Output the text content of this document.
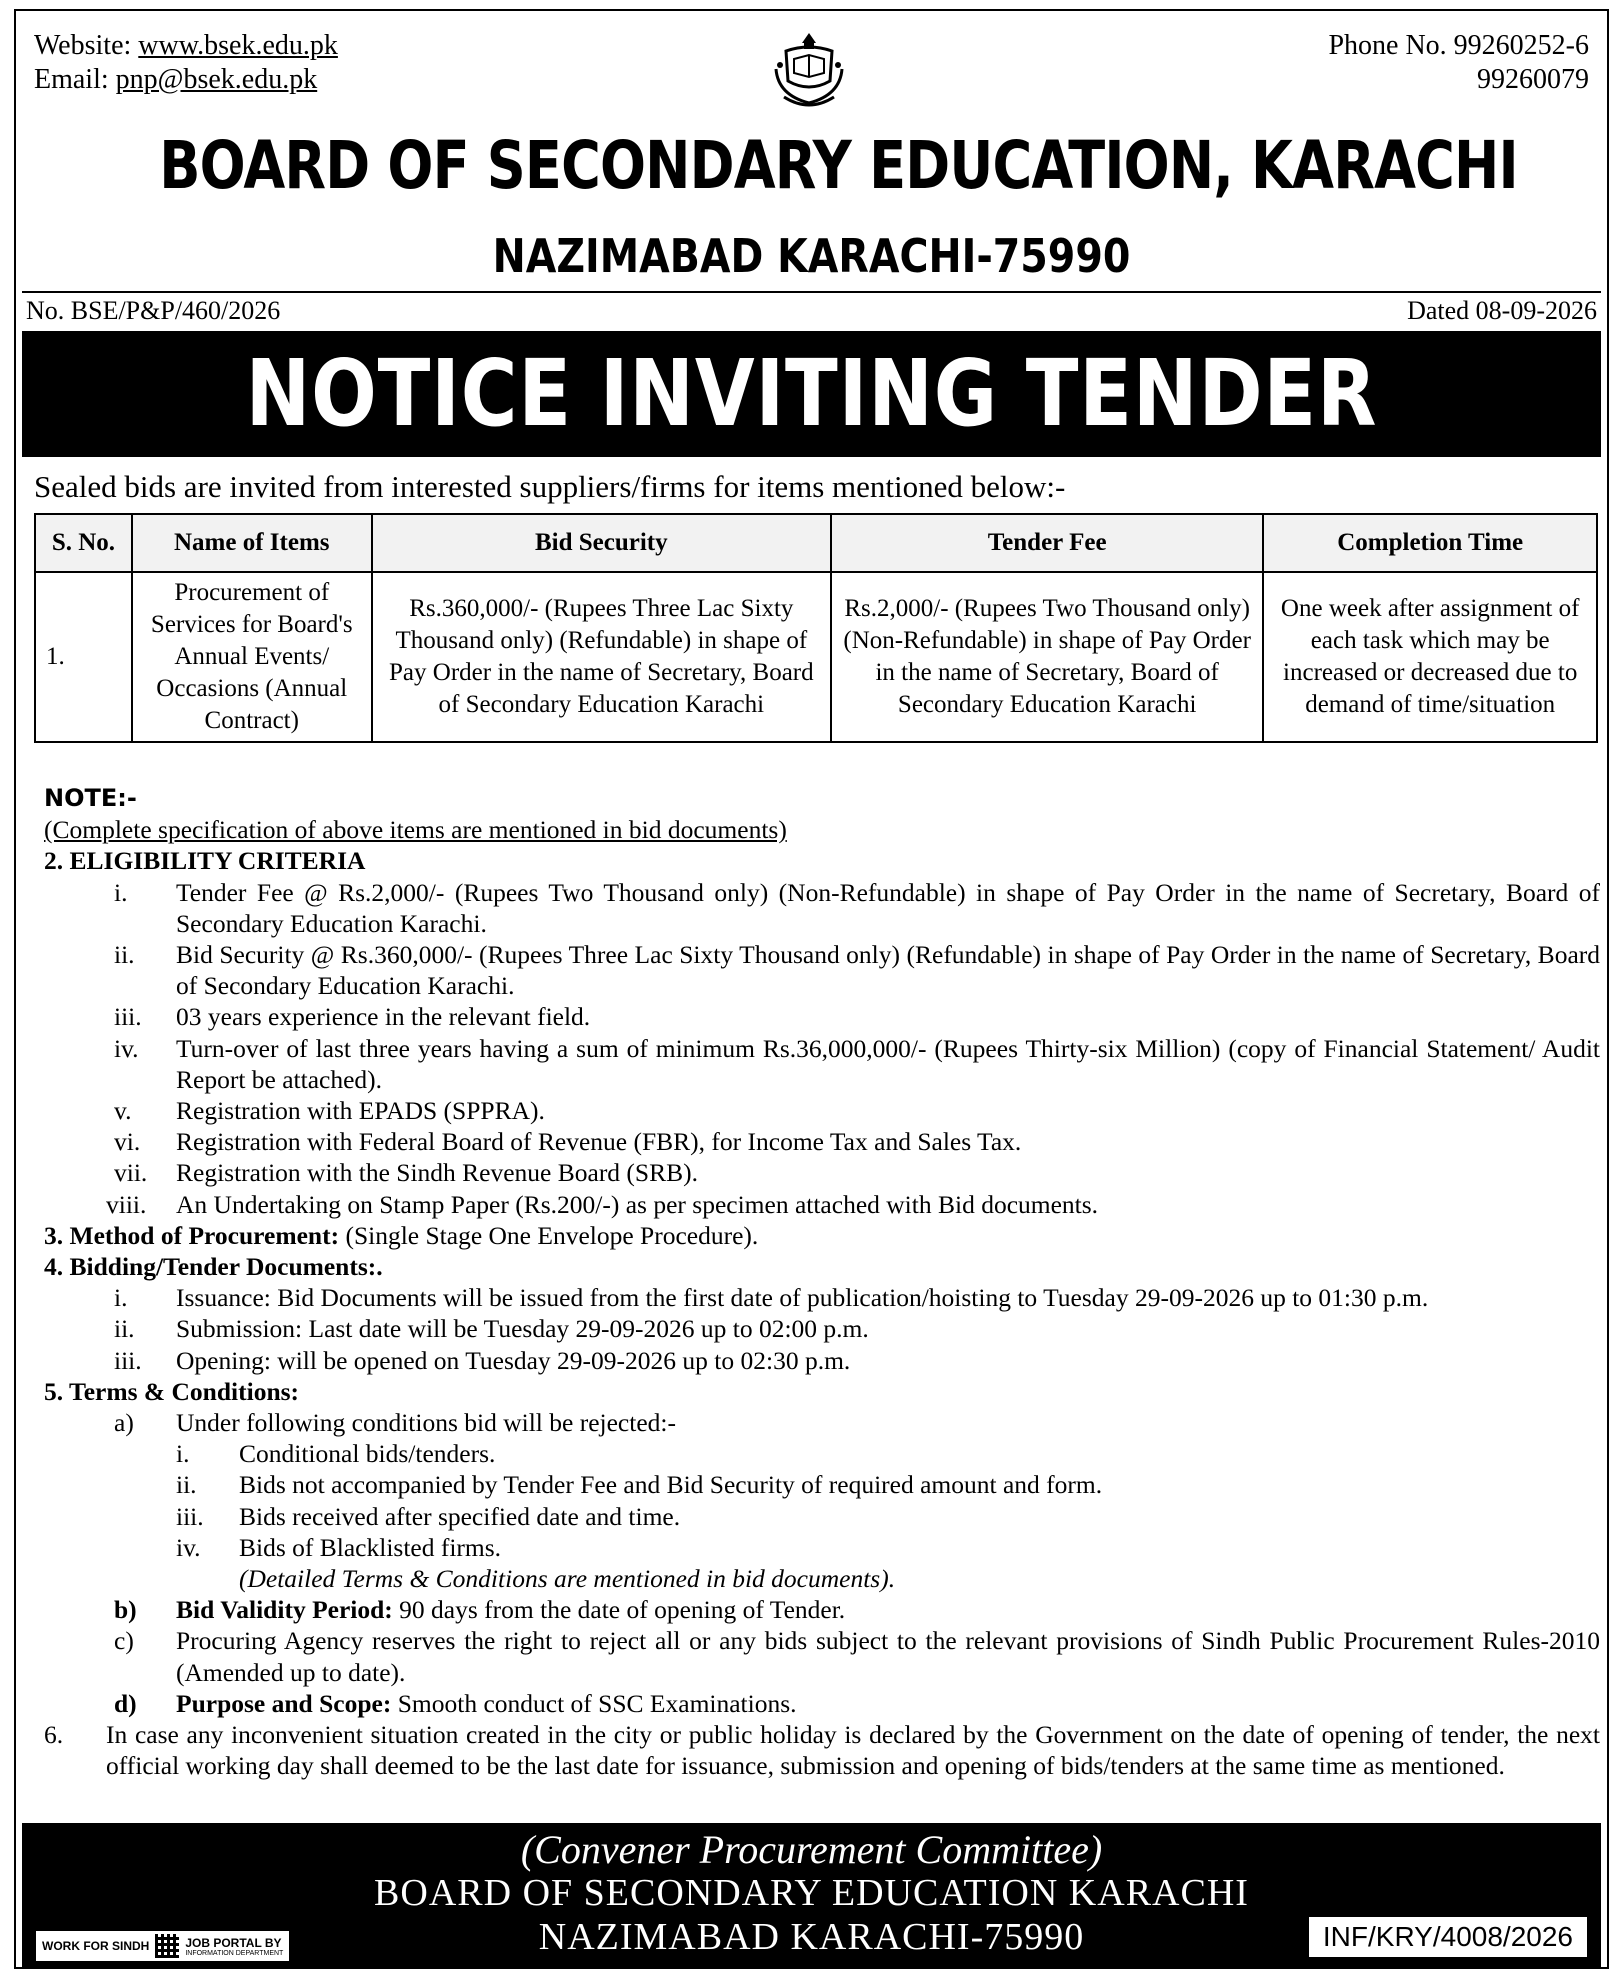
Website: www.bsek.edu.pk
Email: pnp@bsek.edu.pk
Phone No. 99260252-6
99260079
BOARD OF SECONDARY EDUCATION, KARACHI
NAZIMABAD KARACHI-75990
No. BSE/P&P/460/2026	Dated 08-09-2026
NOTICE INVITING TENDER
Sealed bids are invited from interested suppliers/firms for items mentioned below:-
S. No.	Name of Items	Bid Security	Tender Fee	Completion Time
1.	Procurement of Services for Board's Annual Events/ Occasions (Annual Contract)	Rs.360,000/- (Rupees Three Lac Sixty Thousand only) (Refundable) in shape of Pay Order in the name of Secretary, Board of Secondary Education Karachi	Rs.2,000/- (Rupees Two Thousand only) (Non-Refundable) in shape of Pay Order in the name of Secretary, Board of Secondary Education Karachi	One week after assignment of each task which may be increased or decreased due to demand of time/situation
NOTE:-
(Complete specification of above items are mentioned in bid documents)
2. ELIGIBILITY CRITERIA
i.	Tender Fee @ Rs.2,000/- (Rupees Two Thousand only) (Non-Refundable) in shape of Pay Order in the name of Secretary, Board of Secondary Education Karachi.
ii.	Bid Security @ Rs.360,000/- (Rupees Three Lac Sixty Thousand only) (Refundable) in shape of Pay Order in the name of Secretary, Board of Secondary Education Karachi.
iii.	03 years experience in the relevant field.
iv.	Turn-over of last three years having a sum of minimum Rs.36,000,000/- (Rupees Thirty-six Million) (copy of Financial Statement/ Audit Report be attached).
v.	Registration with EPADS (SPPRA).
vi.	Registration with Federal Board of Revenue (FBR), for Income Tax and Sales Tax.
vii.	Registration with the Sindh Revenue Board (SRB).
viii.	An Undertaking on Stamp Paper (Rs.200/-) as per specimen attached with Bid documents.
3. Method of Procurement: (Single Stage One Envelope Procedure).
4. Bidding/Tender Documents:.
i.	Issuance: Bid Documents will be issued from the first date of publication/hoisting to Tuesday 29-09-2026 up to 01:30 p.m.
ii.	Submission: Last date will be Tuesday 29-09-2026 up to 02:00 p.m.
iii.	Opening: will be opened on Tuesday 29-09-2026 up to 02:30 p.m.
5. Terms & Conditions:
a)	Under following conditions bid will be rejected:-
i.	Conditional bids/tenders.
ii.	Bids not accompanied by Tender Fee and Bid Security of required amount and form.
iii.	Bids received after specified date and time.
iv.	Bids of Blacklisted firms.
(Detailed Terms & Conditions are mentioned in bid documents).
b)	Bid Validity Period: 90 days from the date of opening of Tender.
c)	Procuring Agency reserves the right to reject all or any bids subject to the relevant provisions of Sindh Public Procurement Rules-2010 (Amended up to date).
d)	Purpose and Scope: Smooth conduct of SSC Examinations.
6.	In case any inconvenient situation created in the city or public holiday is declared by the Government on the date of opening of tender, the next official working day shall deemed to be the last date for issuance, submission and opening of bids/tenders at the same time as mentioned.
(Convener Procurement Committee)
BOARD OF SECONDARY EDUCATION KARACHI
NAZIMABAD KARACHI-75990
WORK FOR SINDH	JOB PORTAL BY
INFORMATION DEPARTMENT
INF/KRY/4008/2026
